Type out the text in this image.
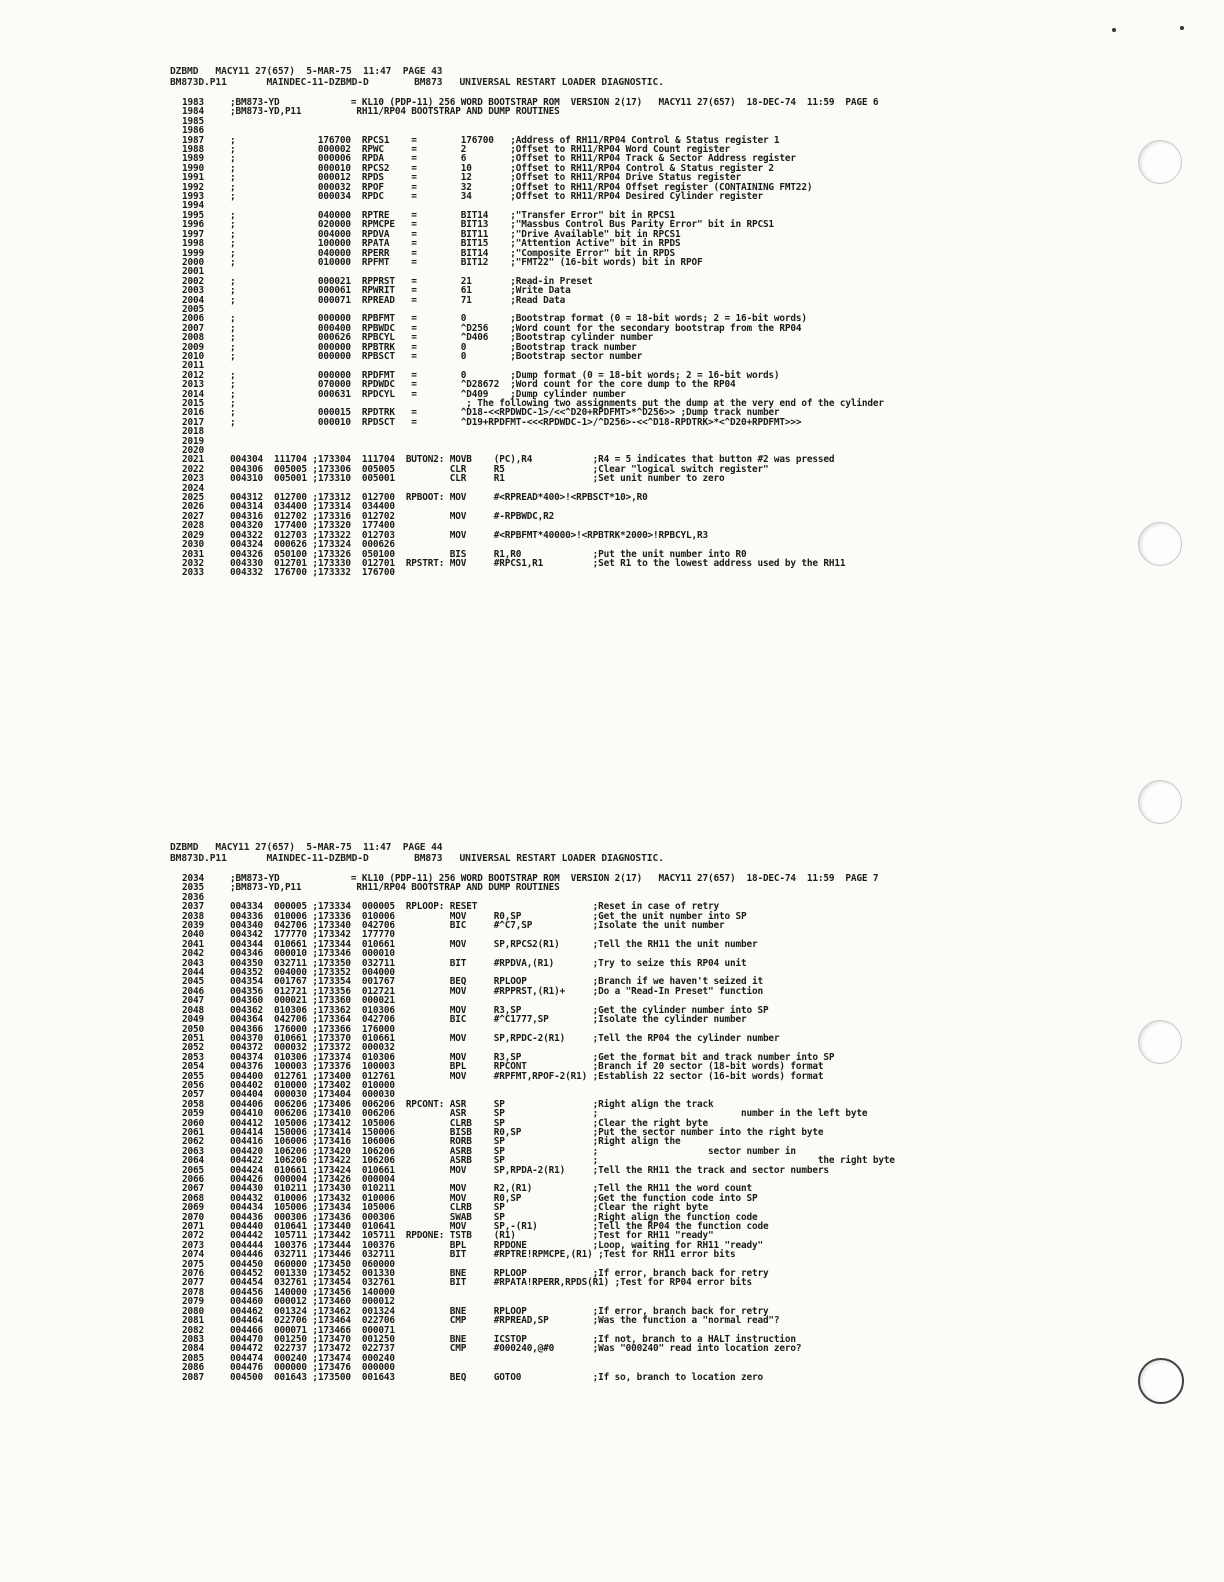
DZBMD   MACY11 27(657)  5-MAR-75  11:47  PAGE 43
BM873D.P11       MAINDEC-11-DZBMD-D        BM873   UNIVERSAL RESTART LOADER DIAGNOSTIC.
1983	;BM873-YD             = KL10 (PDP-11) 256 WORD BOOTSTRAP ROM  VERSION 2(17)   MACY11 27(657)  18-DEC-74  11:59  PAGE 6
1984	;BM873-YD,P11          RH11/RP04 BOOTSTRAP AND DUMP ROUTINES
1985
1986
1987	;               176700  RPCS1    =        176700   ;Address of RH11/RP04 Control & Status register 1
1988	;               000002  RPWC     =        2        ;Offset to RH11/RP04 Word Count register
1989	;               000006  RPDA     =        6        ;Offset to RH11/RP04 Track & Sector Address register
1990	;               000010  RPCS2    =        10       ;Offset to RH11/RP04 Control & Status register 2
1991	;               000012  RPDS     =        12       ;Offset to RH11/RP04 Drive Status register
1992	;               000032  RPOF     =        32       ;Offset to RH11/RP04 Offset register (CONTAINING FMT22)
1993	;               000034  RPDC     =        34       ;Offset to RH11/RP04 Desired Cylinder register
1994
1995	;               040000  RPTRE    =        BIT14    ;"Transfer Error" bit in RPCS1
1996	;               020000  RPMCPE   =        BIT13    ;"Massbus Control Bus Parity Error" bit in RPCS1
1997	;               004000  RPDVA    =        BIT11    ;"Drive Available" bit in RPCS1
1998	;               100000  RPATA    =        BIT15    ;"Attention Active" bit in RPDS
1999	;               040000  RPERR    =        BIT14    ;"Composite Error" bit in RPDS
2000	;               010000  RPFMT    =        BIT12    ;"FMT22" (16-bit words) bit in RPOF
2001
2002	;               000021  RPPRST   =        21       ;Read-in Preset
2003	;               000061  RPWRIT   =        61       ;Write Data
2004	;               000071  RPREAD   =        71       ;Read Data
2005
2006	;               000000  RPBFMT   =        0        ;Bootstrap format (0 = 18-bit words; 2 = 16-bit words)
2007	;               000400  RPBWDC   =        ^D256    ;Word count for the secondary bootstrap from the RP04
2008	;               000626  RPBCYL   =        ^D406    ;Bootstrap cylinder number
2009	;               000000  RPBTRK   =        0        ;Bootstrap track number
2010	;               000000  RPBSCT   =        0        ;Bootstrap sector number
2011
2012	;               000000  RPDFMT   =        0        ;Dump format (0 = 18-bit words; 2 = 16-bit words)
2013	;               070000  RPDWDC   =        ^D28672  ;Word count for the core dump to the RP04
2014	;               000631  RPDCYL   =        ^D409    ;Dump cylinder number
2015	;                                          ; The following two assignments put the dump at the very end of the cylinder
2016	;               000015  RPDTRK   =        ^D18-<<RPDWDC-1>/<<^D20+RPDFMT>*^D256>> ;Dump track number
2017	;               000010  RPDSCT   =        ^D19+RPDFMT-<<<RPDWDC-1>/^D256>-<<^D18-RPDTRK>*<^D20+RPDFMT>>>
2018
2019
2020
2021	004304  111704 ;173304  111704  BUTON2: MOVB    (PC),R4           ;R4 = 5 indicates that button #2 was pressed
2022	004306  005005 ;173306  005005          CLR     R5                ;Clear "logical switch register"
2023	004310  005001 ;173310  005001          CLR     R1                ;Set unit number to zero
2024
2025	004312  012700 ;173312  012700  RPBOOT: MOV     #<RPREAD*400>!<RPBSCT*10>,R0
2026	004314  034400 ;173314  034400
2027	004316  012702 ;173316  012702          MOV     #-RPBWDC,R2
2028	004320  177400 ;173320  177400
2029	004322  012703 ;173322  012703          MOV     #<RPBFMT*40000>!<RPBTRK*2000>!RPBCYL,R3
2030	004324  000626 ;173324  000626
2031	004326  050100 ;173326  050100          BIS     R1,R0             ;Put the unit number into R0
2032	004330  012701 ;173330  012701  RPSTRT: MOV     #RPCS1,R1         ;Set R1 to the lowest address used by the RH11
2033	004332  176700 ;173332  176700
DZBMD   MACY11 27(657)  5-MAR-75  11:47  PAGE 44
BM873D.P11       MAINDEC-11-DZBMD-D        BM873   UNIVERSAL RESTART LOADER DIAGNOSTIC.
2034	;BM873-YD             = KL10 (PDP-11) 256 WORD BOOTSTRAP ROM  VERSION 2(17)   MACY11 27(657)  18-DEC-74  11:59  PAGE 7
2035	;BM873-YD,P11          RH11/RP04 BOOTSTRAP AND DUMP ROUTINES
2036
2037	004334  000005 ;173334  000005  RPLOOP: RESET                     ;Reset in case of retry
2038	004336  010006 ;173336  010006          MOV     R0,SP             ;Get the unit number into SP
2039	004340  042706 ;173340  042706          BIC     #^C7,SP           ;Isolate the unit number
2040	004342  177770 ;173342  177770
2041	004344  010661 ;173344  010661          MOV     SP,RPCS2(R1)      ;Tell the RH11 the unit number
2042	004346  000010 ;173346  000010
2043	004350  032711 ;173350  032711          BIT     #RPDVA,(R1)       ;Try to seize this RP04 unit
2044	004352  004000 ;173352  004000
2045	004354  001767 ;173354  001767          BEQ     RPLOOP            ;Branch if we haven't seized it
2046	004356  012721 ;173356  012721          MOV     #RPPRST,(R1)+     ;Do a "Read-In Preset" function
2047	004360  000021 ;173360  000021
2048	004362  010306 ;173362  010306          MOV     R3,SP             ;Get the cylinder number into SP
2049	004364  042706 ;173364  042706          BIC     #^C1777,SP        ;Isolate the cylinder number
2050	004366  176000 ;173366  176000
2051	004370  010661 ;173370  010661          MOV     SP,RPDC-2(R1)     ;Tell the RP04 the cylinder number
2052	004372  000032 ;173372  000032
2053	004374  010306 ;173374  010306          MOV     R3,SP             ;Get the format bit and track number into SP
2054	004376  100003 ;173376  100003          BPL     RPCONT            ;Branch if 20 sector (18-bit words) format
2055	004400  012761 ;173400  012761          MOV     #RPFMT,RPOF-2(R1) ;Establish 22 sector (16-bit words) format
2056	004402  010000 ;173402  010000
2057	004404  000030 ;173404  000030
2058	004406  006206 ;173406  006206  RPCONT: ASR     SP                ;Right align the track
2059	004410  006206 ;173410  006206          ASR     SP                ;                          number in the left byte
2060	004412  105006 ;173412  105006          CLRB    SP                ;Clear the right byte
2061	004414  150006 ;173414  150006          BISB    R0,SP             ;Put the sector number into the right byte
2062	004416  106006 ;173416  106006          RORB    SP                ;Right align the
2063	004420  106206 ;173420  106206          ASRB    SP                ;                    sector number in
2064	004422  106206 ;173422  106206          ASRB    SP                ;                                        the right byte
2065	004424  010661 ;173424  010661          MOV     SP,RPDA-2(R1)     ;Tell the RH11 the track and sector numbers
2066	004426  000004 ;173426  000004
2067	004430  010211 ;173430  010211          MOV     R2,(R1)           ;Tell the RH11 the word count
2068	004432  010006 ;173432  010006          MOV     R0,SP             ;Get the function code into SP
2069	004434  105006 ;173434  105006          CLRB    SP                ;Clear the right byte
2070	004436  000306 ;173436  000306          SWAB    SP                ;Right align the function code
2071	004440  010641 ;173440  010641          MOV     SP,-(R1)          ;Tell the RP04 the function code
2072	004442  105711 ;173442  105711  RPDONE: TSTB    (R1)              ;Test for RH11 "ready"
2073	004444  100376 ;173444  100376          BPL     RPDONE            ;Loop, waiting for RH11 "ready"
2074	004446  032711 ;173446  032711          BIT     #RPTRE!RPMCPE,(R1) ;Test for RH11 error bits
2075	004450  060000 ;173450  060000
2076	004452  001330 ;173452  001330          BNE     RPLOOP            ;If error, branch back for retry
2077	004454  032761 ;173454  032761          BIT     #RPATA!RPERR,RPDS(R1) ;Test for RP04 error bits
2078	004456  140000 ;173456  140000
2079	004460  000012 ;173460  000012
2080	004462  001324 ;173462  001324          BNE     RPLOOP            ;If error, branch back for retry
2081	004464  022706 ;173464  022706          CMP     #RPREAD,SP        ;Was the function a "normal read"?
2082	004466  000071 ;173466  000071
2083	004470  001250 ;173470  001250          BNE     ICSTOP            ;If not, branch to a HALT instruction
2084	004472  022737 ;173472  022737          CMP     #000240,@#0       ;Was "000240" read into location zero?
2085	004474  000240 ;173474  000240
2086	004476  000000 ;173476  000000
2087	004500  001643 ;173500  001643          BEQ     GOTO0             ;If so, branch to location zero
